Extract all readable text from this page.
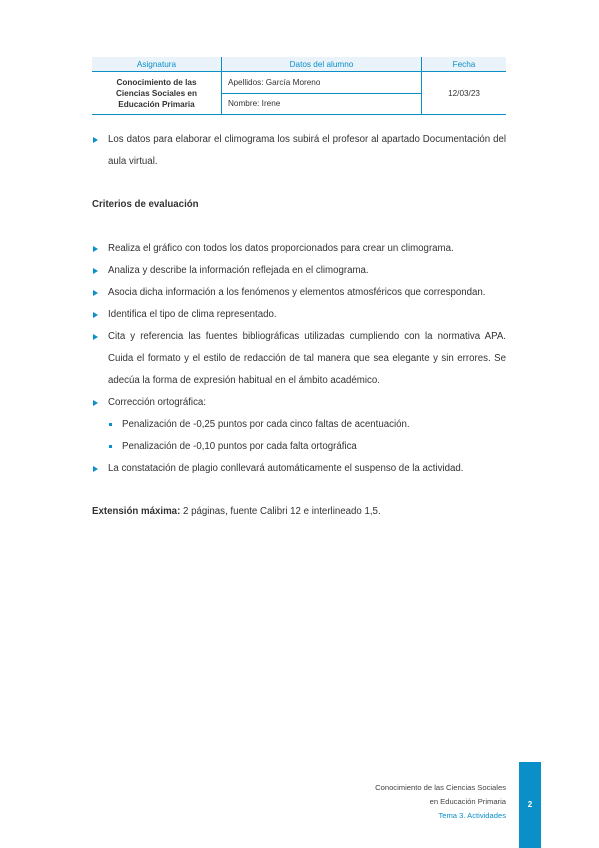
Asignatura	Datos del alumno	Fecha

Conocimiento de las
Ciencias Sociales en
Educación Primaria	Apellidos: García Moreno	12/03/23
	Nombre: Irene	

Los datos para elaborar el climograma los subirá el profesor al apartado Documentación del aula virtual.

Criterios de evaluación

Realiza el gráfico con todos los datos proporcionados para crear un climograma.

Analiza y describe la información reflejada en el climograma.

Asocia dicha información a los fenómenos y elementos atmosféricos que correspondan.

Identifica el tipo de clima representado.

Cita y referencia las fuentes bibliográficas utilizadas cumpliendo con la normativa APA. Cuida el formato y el estilo de redacción de tal manera que sea elegante y sin errores. Se adecúa la forma de expresión habitual en el ámbito académico.

Corrección ortográfica:

Penalización de -0,25 puntos por cada cinco faltas de acentuación.

Penalización de -0,10 puntos por cada falta ortográfica

La constatación de plagio conllevará automáticamente el suspenso de la actividad.

Extensión máxima: 2 páginas, fuente Calibri 12 e interlineado 1,5.

Conocimiento de las Ciencias Sociales
en Educación Primaria
Tema 3. Actividades
2
